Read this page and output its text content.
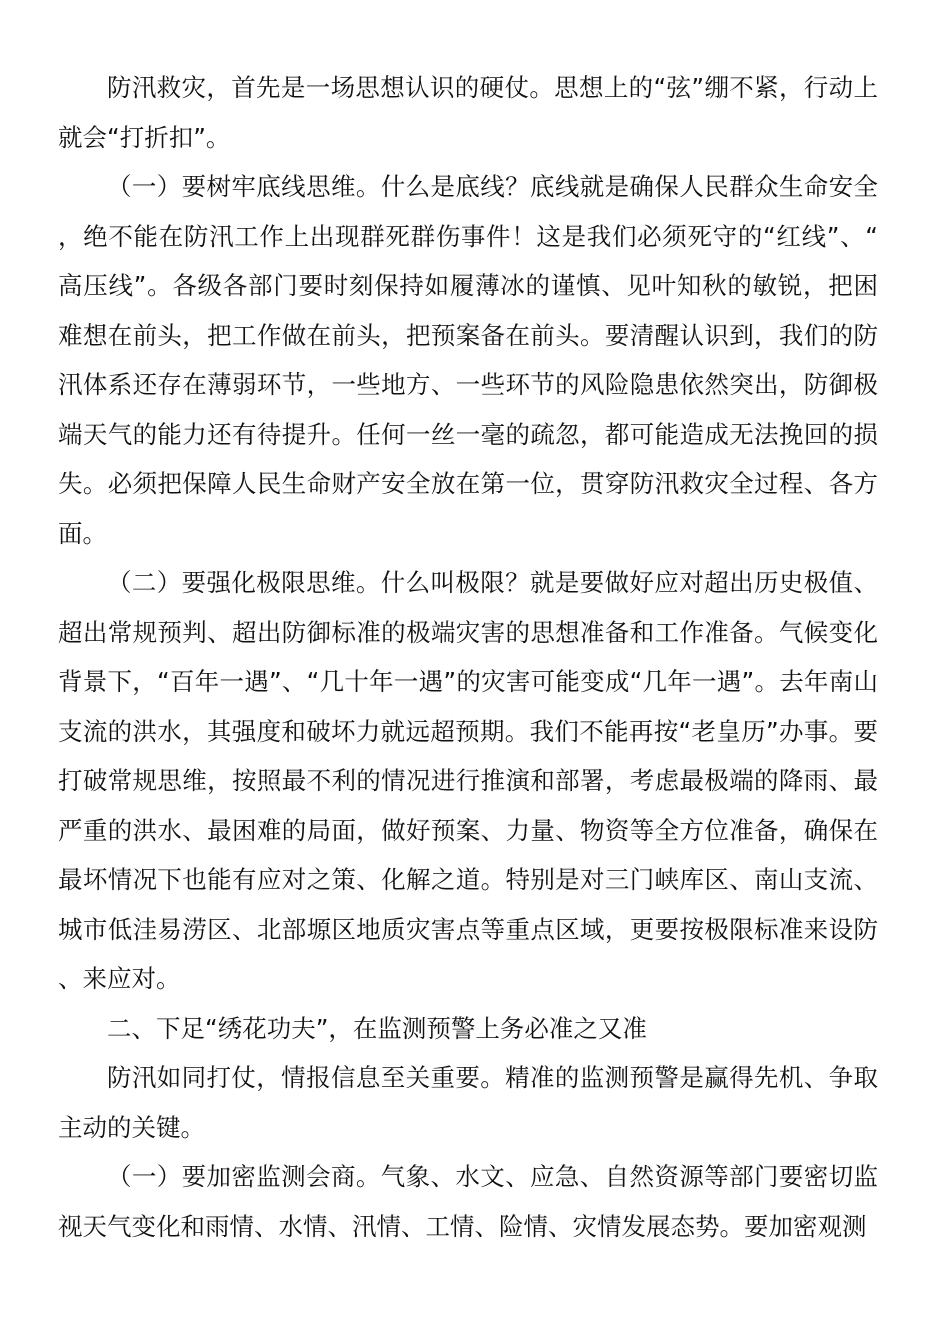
防汛救灾，首先是一场思想认识的硬仗。思想上的“弦”绷不紧，行动上就会“打折扣”。

（一）要树牢底线思维。什么是底线？底线就是确保人民群众生命安全，绝不能在防汛工作上出现群死群伤事件！这是我们必须死守的“红线”、“高压线”。各级各部门要时刻保持如履薄冰的谨慎、见叶知秋的敏锐，把困难想在前头，把工作做在前头，把预案备在前头。要清醒认识到，我们的防汛体系还存在薄弱环节，一些地方、一些环节的风险隐患依然突出，防御极端天气的能力还有待提升。任何一丝一毫的疏忽，都可能造成无法挽回的损失。必须把保障人民生命财产安全放在第一位，贯穿防汛救灾全过程、各方面。

（二）要强化极限思维。什么叫极限？就是要做好应对超出历史极值、超出常规预判、超出防御标准的极端灾害的思想准备和工作准备。气候变化背景下，“百年一遇”、“几十年一遇”的灾害可能变成“几年一遇”。去年南山支流的洪水，其强度和破坏力就远超预期。我们不能再按“老皇历”办事。要打破常规思维，按照最不利的情况进行推演和部署，考虑最极端的降雨、最严重的洪水、最困难的局面，做好预案、力量、物资等全方位准备，确保在最坏情况下也能有应对之策、化解之道。特别是对三门峡库区、南山支流、城市低洼易涝区、北部塬区地质灾害点等重点区域，更要按极限标准来设防、来应对。

二、下足“绣花功夫”，在监测预警上务必准之又准

防汛如同打仗，情报信息至关重要。精准的监测预警是赢得先机、争取主动的关键。

（一）要加密监测会商。气象、水文、应急、自然资源等部门要密切监视天气变化和雨情、水情、汛情、工情、险情、灾情发展态势。要加密观测
